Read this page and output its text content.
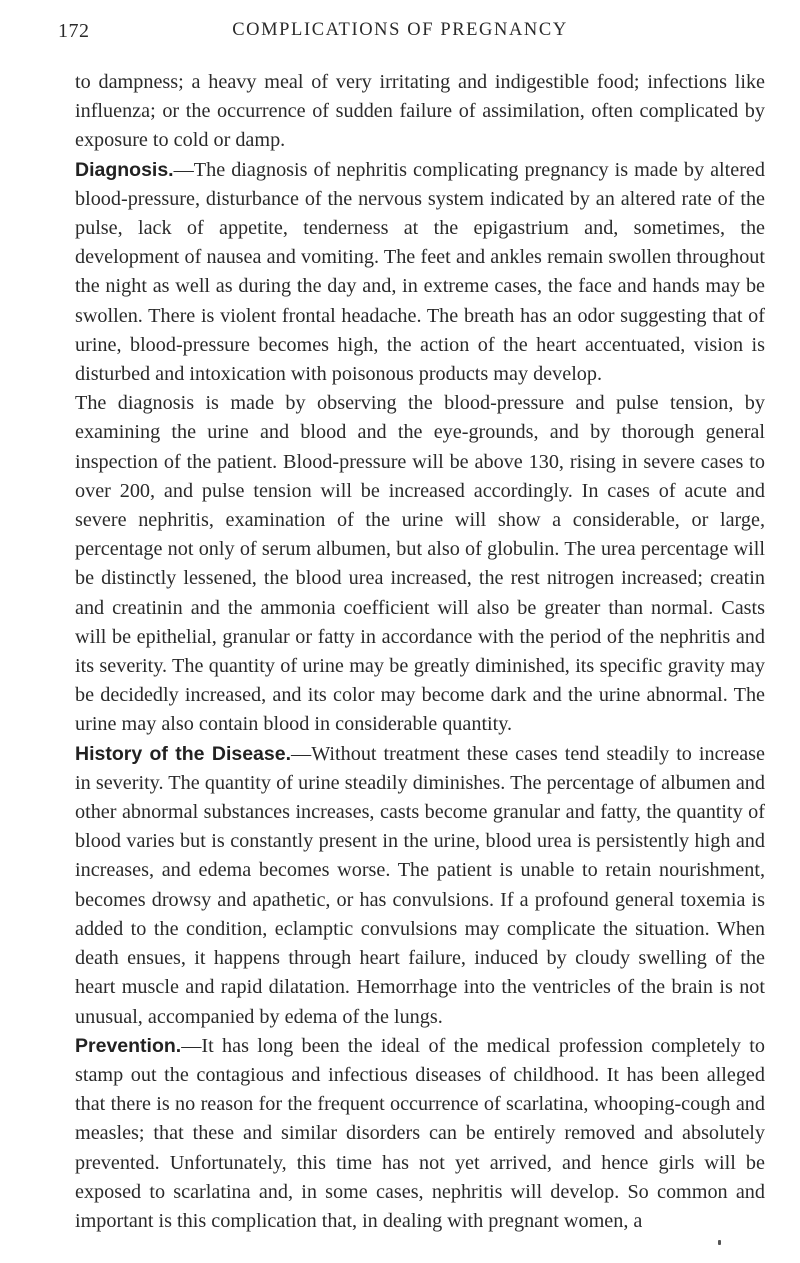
172	COMPLICATIONS OF PREGNANCY

to dampness; a heavy meal of very irritating and indigestible food; infections like influenza; or the occurrence of sudden failure of assimilation, often complicated by exposure to cold or damp.

Diagnosis.—The diagnosis of nephritis complicating pregnancy is made by altered blood-pressure, disturbance of the nervous system indicated by an altered rate of the pulse, lack of appetite, tenderness at the epigastrium and, sometimes, the development of nausea and vomiting. The feet and ankles remain swollen throughout the night as well as during the day and, in extreme cases, the face and hands may be swollen. There is violent frontal headache. The breath has an odor suggesting that of urine, blood-pressure becomes high, the action of the heart accentuated, vision is disturbed and intoxication with poisonous products may develop.

The diagnosis is made by observing the blood-pressure and pulse tension, by examining the urine and blood and the eye-grounds, and by thorough general inspection of the patient. Blood-pressure will be above 130, rising in severe cases to over 200, and pulse tension will be increased accordingly. In cases of acute and severe nephritis, examination of the urine will show a considerable, or large, percentage not only of serum albumen, but also of globulin. The urea percentage will be distinctly lessened, the blood urea increased, the rest nitrogen increased; creatin and creatinin and the ammonia coefficient will also be greater than normal. Casts will be epithelial, granular or fatty in accordance with the period of the nephritis and its severity. The quantity of urine may be greatly diminished, its specific gravity may be decidedly increased, and its color may become dark and the urine abnormal. The urine may also contain blood in considerable quantity.

History of the Disease.—Without treatment these cases tend steadily to increase in severity. The quantity of urine steadily diminishes. The percentage of albumen and other abnormal substances increases, casts become granular and fatty, the quantity of blood varies but is constantly present in the urine, blood urea is persistently high and increases, and edema becomes worse. The patient is unable to retain nourishment, becomes drowsy and apathetic, or has convulsions. If a profound general toxemia is added to the condition, eclamptic convulsions may complicate the situation. When death ensues, it happens through heart failure, induced by cloudy swelling of the heart muscle and rapid dilatation. Hemorrhage into the ventricles of the brain is not unusual, accompanied by edema of the lungs.

Prevention.—It has long been the ideal of the medical profession completely to stamp out the contagious and infectious diseases of childhood. It has been alleged that there is no reason for the frequent occurrence of scarlatina, whooping-cough and measles; that these and similar disorders can be entirely removed and absolutely prevented. Unfortunately, this time has not yet arrived, and hence girls will be exposed to scarlatina and, in some cases, nephritis will develop. So common and important is this complication that, in dealing with pregnant women, a
